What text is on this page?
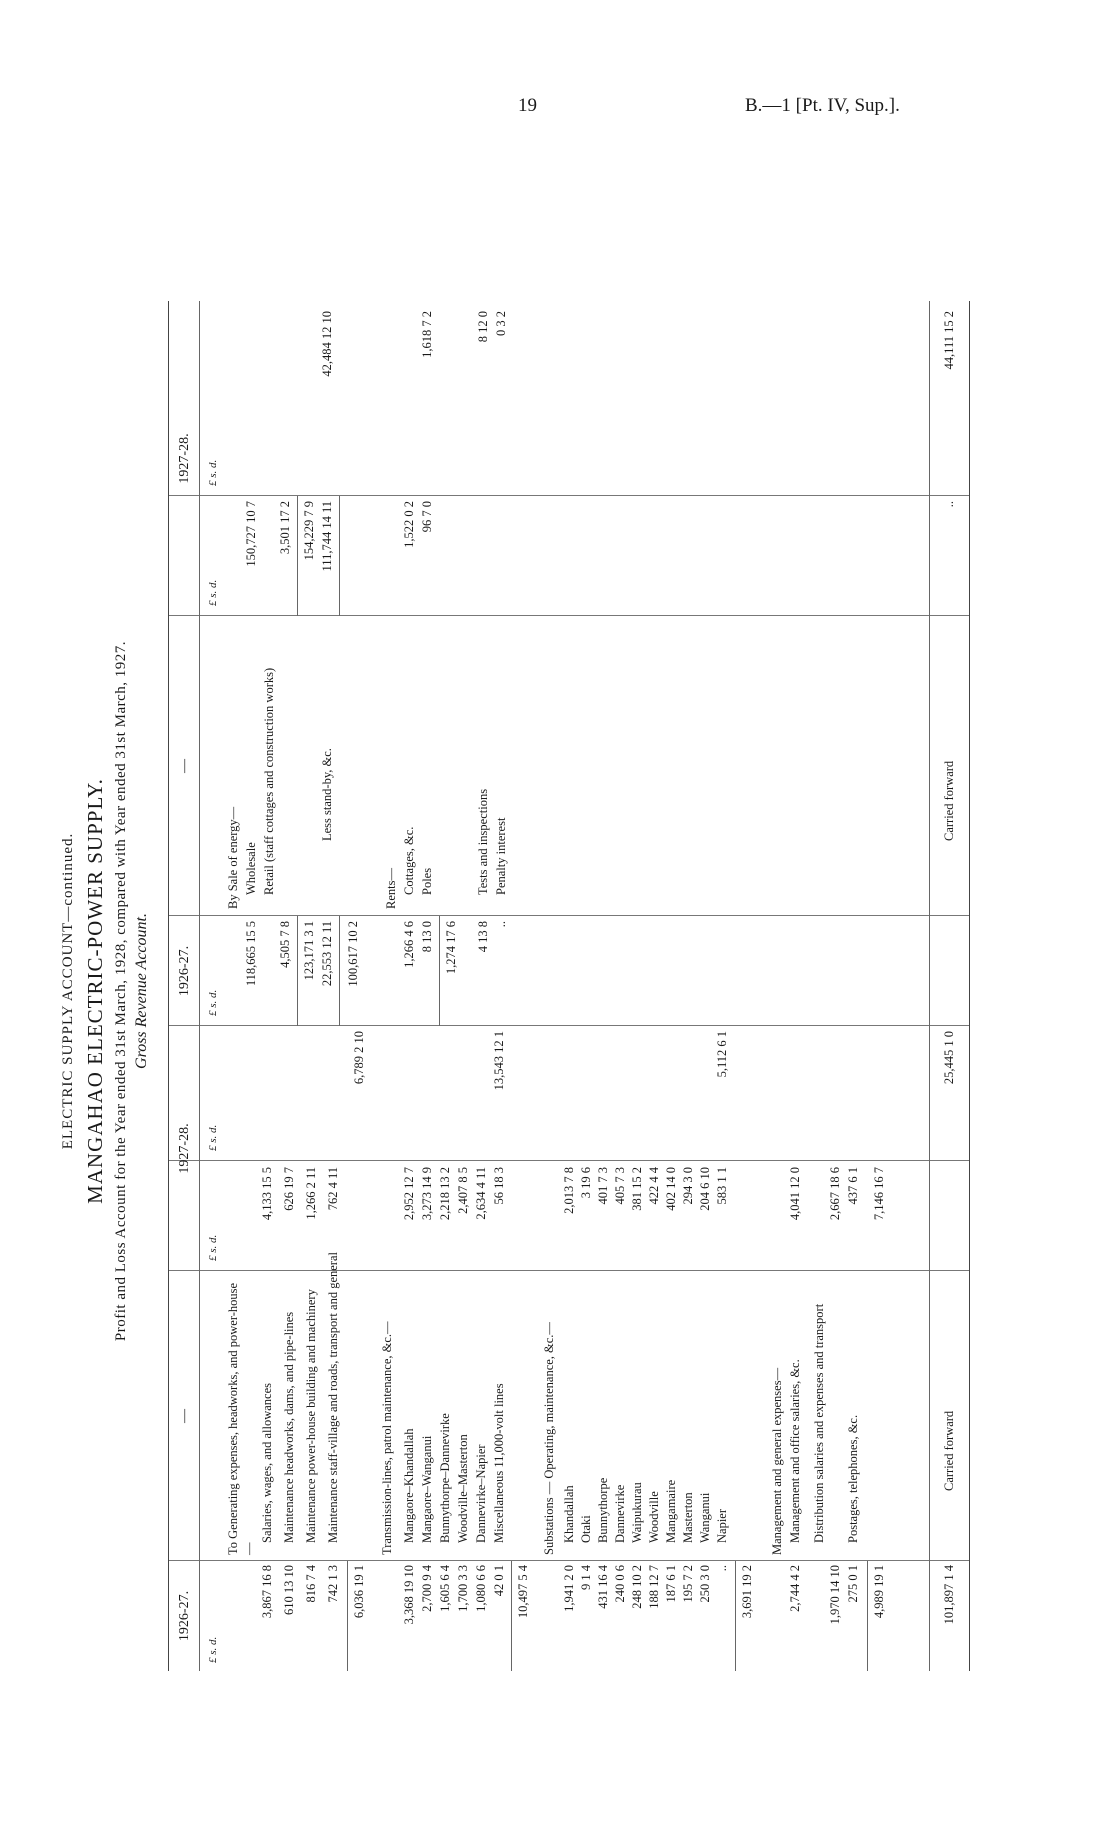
19	B.—1 [Pt. IV, Sup.].
ELECTRIC SUPPLY ACCOUNT—continued. MANGAHAO ELECTRIC-POWER SUPPLY. Profit and Loss Account for the Year ended 31st March, 1928, compared with Year ended 31st March, 1927. Gross Revenue Account.
1926-27.
—
1927-28.
1926-27.
—
1927-28.
£ s. d.
£ s. d.
£ s. d.
£ s. d.
£ s. d.
£ s. d.
To Generating expenses, headworks, and power-house—
Salaries, wages, and allowances
3,867 16 8
4,133 15 5
Maintenance headworks, dams, and pipe-lines
610 13 10
626 19 7
Maintenance power-house building and machinery
816 7 4
1,266 2 11
Maintenance staff-village and roads, transport and general
742 1 3
762 4 11
6,036 19 1
6,789 2 10
Transmission-lines, patrol maintenance, &c.— Mangaore–Khandallah
3,368 19 10
2,952 12 7
Mangaore–Wanganui
2,700 9 4
3,273 14 9
Bunnythorpe–Dannevirke
1,605 6 4
2,218 13 2
Woodville–Masterton
1,700 3 3
2,407 8 5
Dannevirke–Napier
1,080 6 6
2,634 4 11
Miscellaneous 11,000-volt lines
42 0 1
56 18 3
10,497 5 4
13,543 12 1
Substations — Operating, maintenance, &c.— Khandallah
1,941 2 0
2,013 7 8
Otaki
9 1 4
3 19 6
Bunnythorpe
431 16 4
401 7 3
Dannevirke
240 0 6
405 7 3
Waipukurau
248 10 2
381 15 2
Woodville
188 12 7
422 4 4
Mangamaire
187 6 1
402 14 0
Masterton
195 7 2
294 3 0
Wanganui
250 3 0
204 6 10
Napier
..
583 1 1
3,691 19 2
5,112 6 1
Management and general expenses— Management and office salaries, &c.
2,744 4 2
4,041 12 0
Distribution salaries and expenses and transport
1,970 14 10
2,667 18 6
Postages, telephones, &c.
275 0 1
437 6 1
4,989 19 1
7,146 16 7
Carried forward
101,897 1 4
25,445 1 0
By Sale of energy— Wholesale
118,665 15 5
150,727 10 7
Retail (staff cottages and construction works)
4,505 7 8
3,501 17 2
123,171 3 1
154,229 7 9
Less stand-by, &c.
22,553 12 11
111,744 14 11
100,617 10 2
42,484 12 10
Rents— Cottages, &c.
1,266 4 6
1,522 0 2
Poles
8 13 0
96 7 0
1,274 17 6
1,618 7 2
Tests and inspections
4 13 8
8 12 0
Penalty interest
..
0 3 2
Carried forward
..
44,111 15 2
